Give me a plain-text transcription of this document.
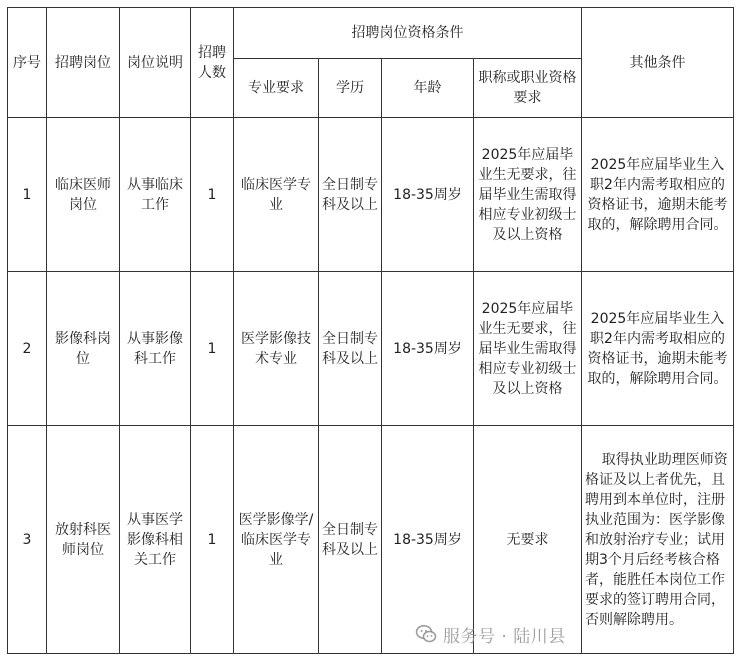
序号	招聘岗位	岗位说明	招聘人数	招聘岗位资格条件				其他条件
				专业要求	学历	年龄	职称或职业资格要求	
1	临床医师岗位	从事临床工作	1	临床医学专业	全日制专科及以上	18-35周岁	2025年应届毕业生无要求，往届毕业生需取得相应专业初级士及以上资格	2025年应届毕业生入职2年内需考取相应的资格证书，逾期未能考取的，解除聘用合同。
2	影像科岗位	从事影像科工作	1	医学影像技术专业	全日制专科及以上	18-35周岁	2025年应届毕业生无要求，往届毕业生需取得相应专业初级士及以上资格	2025年应届毕业生入职2年内需考取相应的资格证书，逾期未能考取的，解除聘用合同。
3	放射科医师岗位	从事医学影像科相关工作	1	医学影像学/临床医学专业	全日制专科及以上	18-35周岁	无要求	取得执业助理医师资格证及以上者优先，且聘用到本单位时，注册执业范围为：医学影像和放射治疗专业；试用期3个月后经考核合格者，能胜任本岗位工作要求的签订聘用合同，否则解除聘用。
服务号 · 陆川县
